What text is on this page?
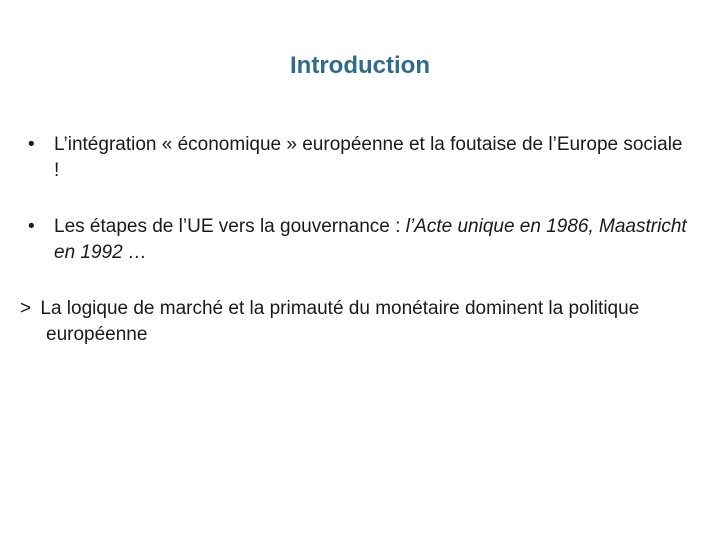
Introduction
• L’intégration « économique » européenne et la foutaise de l’Europe sociale !
• Les étapes de l’UE vers la gouvernance : l’Acte unique en 1986, Maastricht en 1992 …
> La logique de marché et la primauté du monétaire dominent la politique européenne
